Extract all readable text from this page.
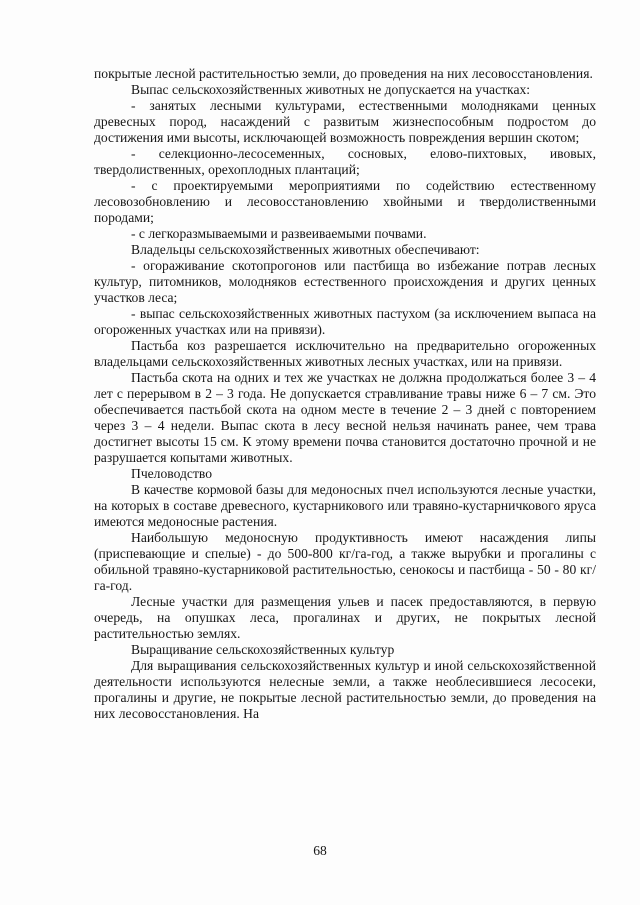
покрытые лесной растительностью земли, до проведения на них лесовосстановления.

Выпас сельскохозяйственных животных не допускается на участках:

- занятых лесными культурами, естественными молодняками ценных древесных пород, насаждений с развитым жизнеспособным подростом до достижения ими высоты, исключающей возможность повреждения вершин скотом;

- селекционно-лесосеменных, сосновых, елово-пихтовых, ивовых, твердолиственных, орехоплодных плантаций;

- с проектируемыми мероприятиями по содействию естественному лесовозобновлению и лесовосстановлению хвойными и твердолиственными породами;

- с легкоразмываемыми и развеиваемыми почвами.

Владельцы сельскохозяйственных животных обеспечивают:

- огораживание скотопрогонов или пастбища во избежание потрав лесных культур, питомников, молодняков естественного происхождения и других ценных участков леса;

- выпас сельскохозяйственных животных пастухом (за исключением выпаса на огороженных участках или на привязи).

Пастьба коз разрешается исключительно на предварительно огороженных владельцами сельскохозяйственных животных лесных участках, или на привязи.

Пастьба скота на одних и тех же участках не должна продолжаться более 3 – 4 лет с перерывом в 2 – 3 года. Не допускается стравливание травы ниже 6 – 7 см. Это обеспечивается пастьбой скота на одном месте в течение 2 – 3 дней с повторением через 3 – 4 недели. Выпас скота в лесу весной нельзя начинать ранее, чем трава достигнет высоты 15 см. К этому времени почва становится достаточно прочной и не разрушается копытами животных.

Пчеловодство

В качестве кормовой базы для медоносных пчел используются лесные участки, на которых в составе древесного, кустарникового или травяно-кустарничкового яруса имеются медоносные растения.

Наибольшую медоносную продуктивность имеют насаждения липы (приспевающие и спелые) - до 500-800 кг/га-год, а также вырубки и прогалины с обильной травяно-кустарниковой растительностью, сенокосы и пастбища - 50 - 80 кг/га-год.

Лесные участки для размещения ульев и пасек предоставляются, в первую очередь, на опушках леса, прогалинах и других, не покрытых лесной растительностью землях.

Выращивание сельскохозяйственных культур

Для выращивания сельскохозяйственных культур и иной сельскохозяйственной деятельности используются нелесные земли, а также необлесившиеся лесосеки, прогалины и другие, не покрытые лесной растительностью земли, до проведения на них лесовосстановления. На

68
